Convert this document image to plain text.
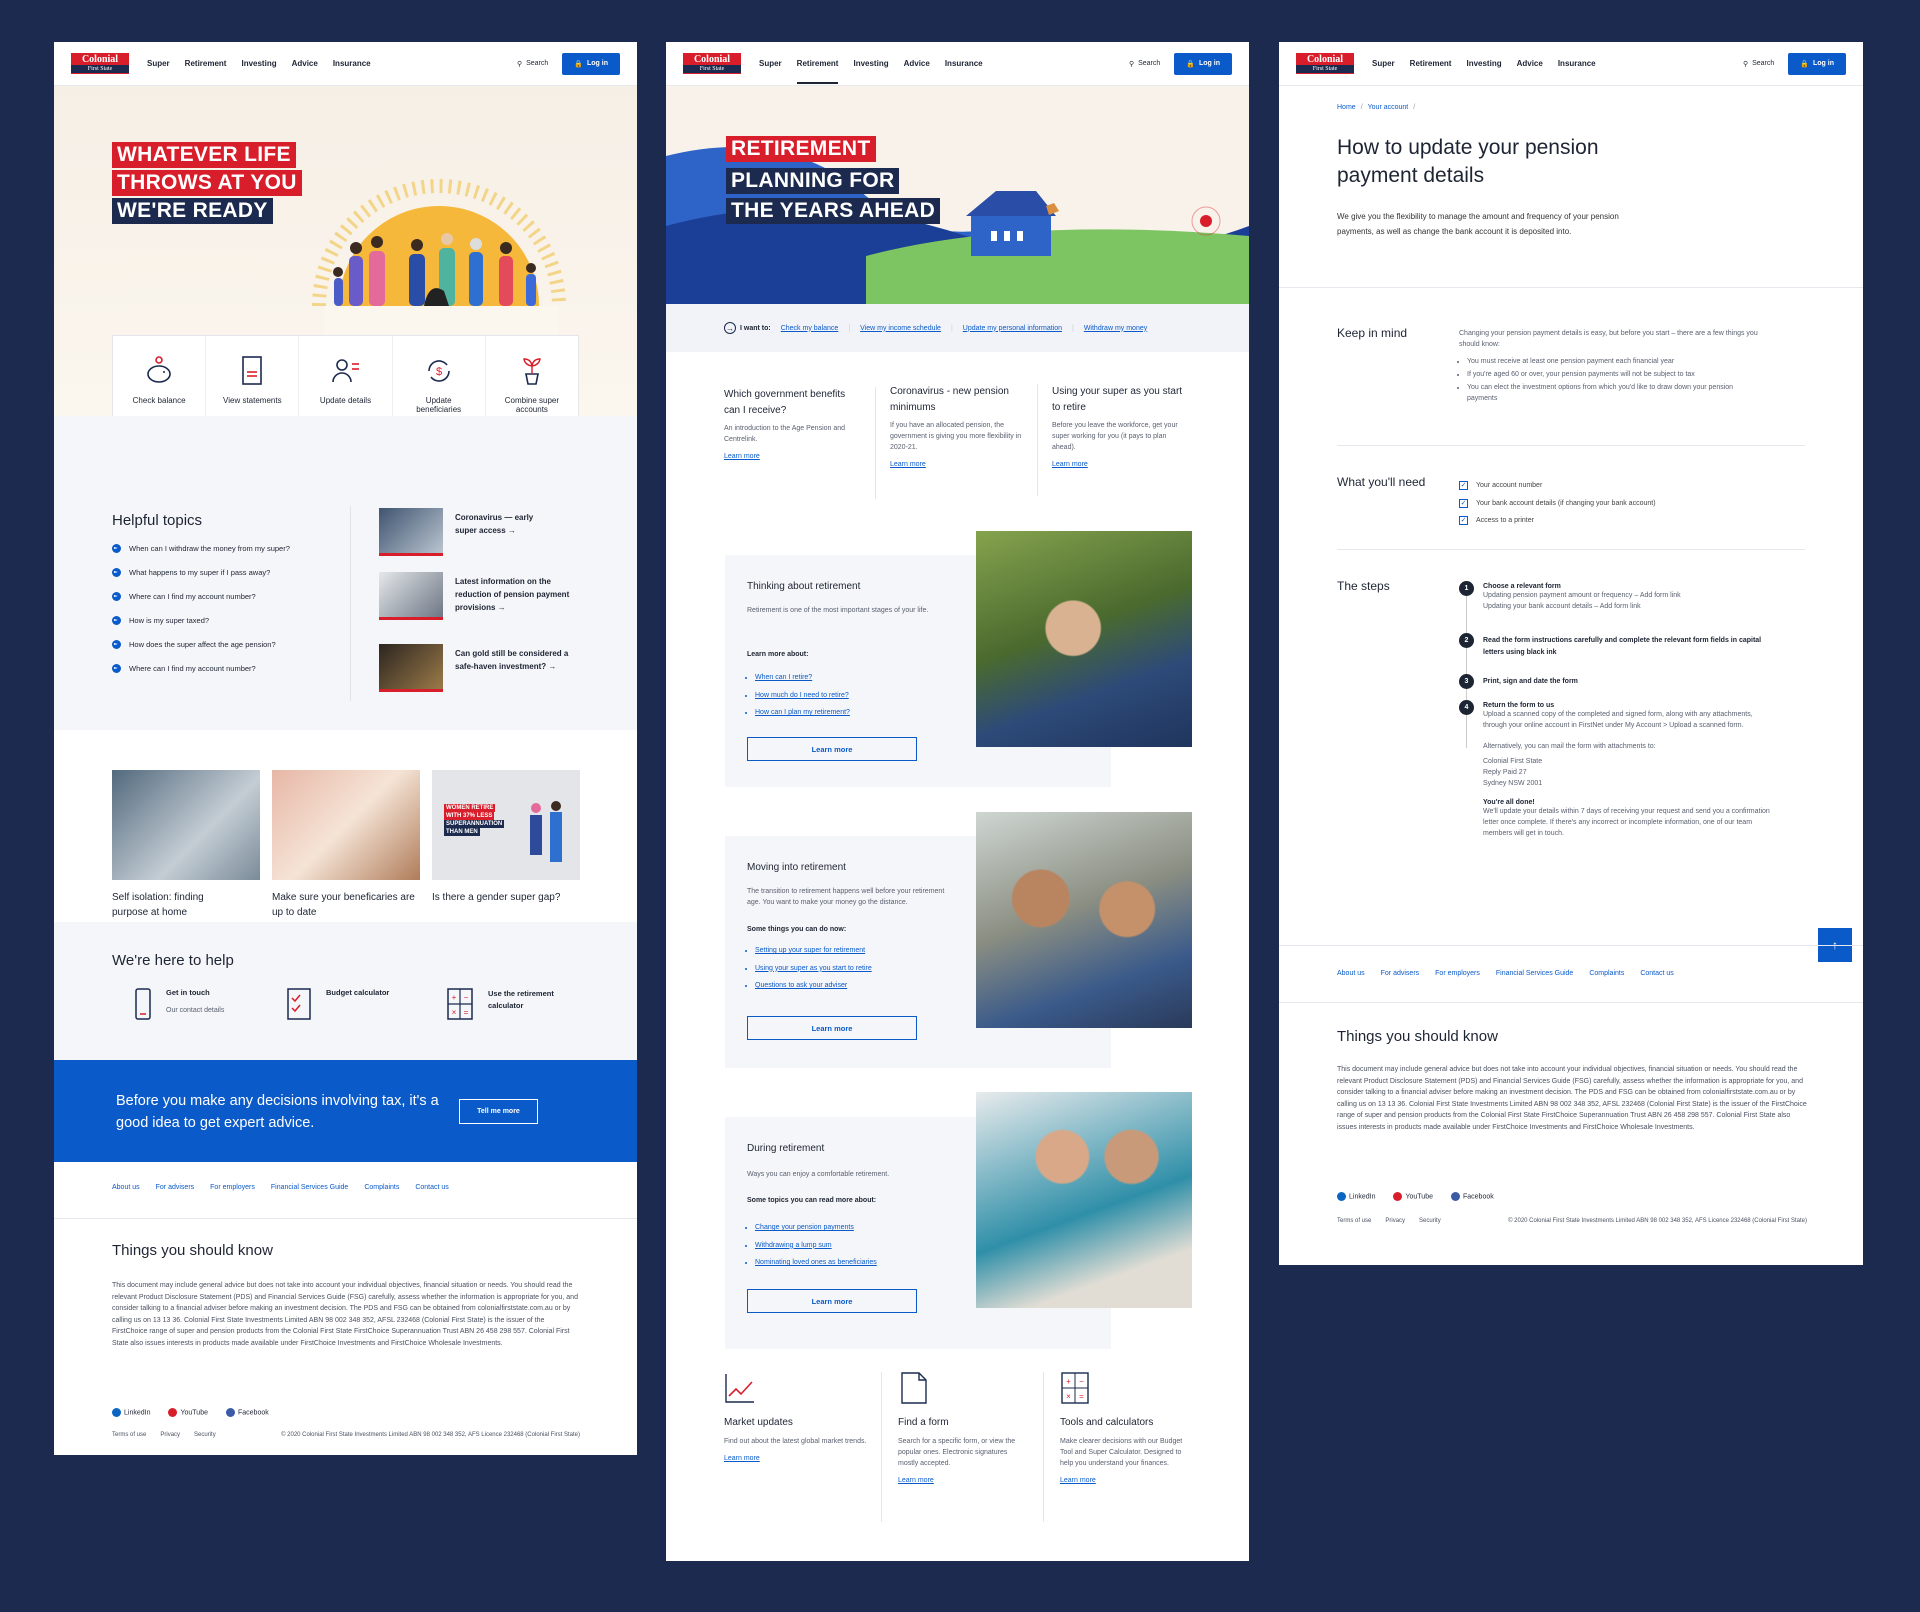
Colonial
First State
Super Retirement Investing Advice Insurance	⚲ Search	🔒 Log in
WHATEVER LIFE
THROWS AT YOU
WE'RE READY
Check balance	View statements	Update details
$
Update beneficiaries
Combine super accounts
Helpful topics
When can I withdraw the money from my super?
What happens to my super if I pass away?
Where can I find my account number?
How is my super taxed?
How does the super affect the age pension?
Where can I find my account number?
Coronavirus — early super access →
Latest information on the reduction of pension payment provisions →
Can gold still be considered a safe-haven investment? →

Self isolation: finding purpose at home

Make sure your beneficaries are up to date

WOMEN RETIRE
WITH 37% LESS
SUPERANNUATION
THAN MEN

Is there a gender super gap?

We're here to help
Get in touch
Our contact details
Budget calculator
+ −
× =
Use the retirement calculator

Before you make any decisions involving tax, it's a good idea to get expert advice.

Tell me more
About us For advisers For employers Financial Services Guide Complaints Contact us
Things you should know

This document may include general advice but does not take into account your individual objectives, financial situation or needs. You should read the relevant Product Disclosure Statement (PDS) and Financial Services Guide (FSG) carefully, assess whether the information is appropriate for you, and consider talking to a financial adviser before making an investment decision. The PDS and FSG can be obtained from colonialfirststate.com.au or by calling us on 13 13 36. Colonial First State Investments Limited ABN 98 002 348 352, AFSL 232468 (Colonial First State) is the issuer of the FirstChoice range of super and pension products from the Colonial First State FirstChoice Superannuation Trust ABN 26 458 298 557. Colonial First State also issues interests in products made available under FirstChoice Investments and FirstChoice Wholesale Investments.

LinkedIn	YouTube	Facebook
Terms of use Privacy Security	© 2020 Colonial First State Investments Limited ABN 98 002 348 352, AFS Licence 232468 (Colonial First State)
Colonial
First State
Super Retirement Investing Advice Insurance	⚲ Search	🔒 Log in
RETIREMENT
PLANNING FOR
THE YEARS AHEAD
→ I want to: Check my balance | View my income schedule | Update my personal information | Withdraw my money
Which government benefits can I receive?

An introduction to the Age Pension and Centrelink.

Learn more
Coronavirus - new pension minimums

If you have an allocated pension, the government is giving you more flexibility in 2020-21.

Learn more
Using your super as you start to retire

Before you leave the workforce, get your super working for you (it pays to plan ahead).

Learn more
Thinking about retirement

Retirement is one of the most important stages of your life.

Learn more about:

• When can I retire?
• How much do I need to retire?
• How can I plan my retirement?
Learn more
Moving into retirement

The transition to retirement happens well before your retirement age. You want to make your money go the distance.

Some things you can do now:

• Setting up your super for retirement
• Using your super as you start to retire
• Questions to ask your adviser
Learn more
During retirement

Ways you can enjoy a comfortable retirement.

Some topics you can read more about:

• Change your pension payments
• Withdrawing a lump sum
• Nominating loved ones as beneficiaries
Learn more
Market updates

Find out about the latest global market trends.

Learn more
Find a form

Search for a specific form, or view the popular ones. Electronic signatures mostly accepted.

Learn more
+ −
× =
Tools and calculators

Make clearer decisions with our Budget Tool and Super Calculator. Designed to help you understand your finances.

Learn more
Colonial
First State
Super Retirement Investing Advice Insurance	⚲ Search	🔒 Log in
Home / Your account /
How to update your pension payment details

We give you the flexibility to manage the amount and frequency of your pension payments, as well as change the bank account it is deposited into.

Keep in mind	Changing your pension payment details is easy, but before you start – there are a few things you should know:

• You must receive at least one pension payment each financial year
• If you're aged 60 or over, your pension payments will not be subject to tax
• You can elect the investment options from which you'd like to draw down your pension payments
What you'll need	✓ Your account number
✓ Your bank account details (if changing your bank account)
✓ Access to a printer
The steps	1	Choose a relevant form
Updating pension payment amount or frequency – Add form link
Updating your bank account details – Add form link
2	Read the form instructions carefully and complete the relevant form fields in capital letters using black ink
3	Print, sign and date the form
4	Return the form to us
Upload a scanned copy of the completed and signed form, along with any attachments, through your online account in FirstNet under My Account > Upload a scanned form.
Alternatively, you can mail the form with attachments to:
Colonial First State
Reply Paid 27
Sydney NSW 2001
You're all done!
We'll update your details within 7 days of receiving your request and send you a confirmation letter once complete. If there's any incorrect or incomplete information, one of our team members will get in touch.
About us For advisers For employers Financial Services Guide Complaints Contact us
Things you should know

This document may include general advice but does not take into account your individual objectives, financial situation or needs. You should read the relevant Product Disclosure Statement (PDS) and Financial Services Guide (FSG) carefully, assess whether the information is appropriate for you, and consider talking to a financial adviser before making an investment decision. The PDS and FSG can be obtained from colonialfirststate.com.au or by calling us on 13 13 36. Colonial First State Investments Limited ABN 98 002 348 352, AFSL 232468 (Colonial First State) is the issuer of the FirstChoice range of super and pension products from the Colonial First State FirstChoice Superannuation Trust ABN 26 458 298 557. Colonial First State also issues interests in products made available under FirstChoice Investments and FirstChoice Wholesale Investments.

LinkedIn	YouTube	Facebook
Terms of use Privacy Security	© 2020 Colonial First State Investments Limited ABN 98 002 348 352, AFS Licence 232468 (Colonial First State)
